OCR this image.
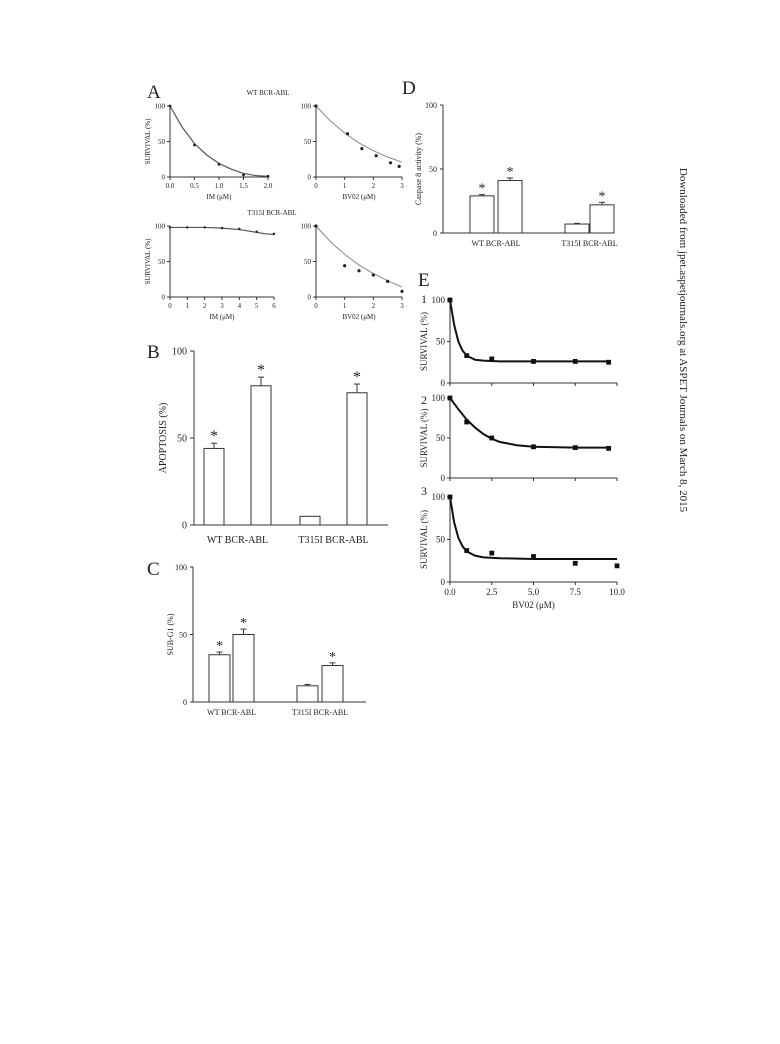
A
B
C
D
E
1
2
3
0
50
100
0.0 0.5 1.0 1.5 2.0
IM (μM)
SURVIVAL (%)
WT BCR-ABL
0
50
100
0	1	2	3
BV02 (μM)
0
50
100
0 1 2 3 4 5 6
IM (μM)
SURVIVAL (%)
T315I BCR-ABL
0
50
100
0	1	2	3
BV02 (μM)
0
50
100
APOPTOSIS (%)	*
*
WT BCR-ABL
*
T315I BCR-ABL
0
50
100
SUB-G1 (%)	*
*
WT BCR-ABL
*
T315I BCR-ABL
0
50
100
Caspase 8 activity (%)	*
*
WT BCR-ABL
*
T315I BCR-ABL
0
50
100
SURVIVAL (%)
0
50
100
SURVIVAL (%)
0
50
100
0.0	2.5	5.0	7.5	10.0
BV02 (μM)
SURVIVAL (%)
Downloaded from jpet.aspetjournals.org at ASPET Journals on March 8, 2015
